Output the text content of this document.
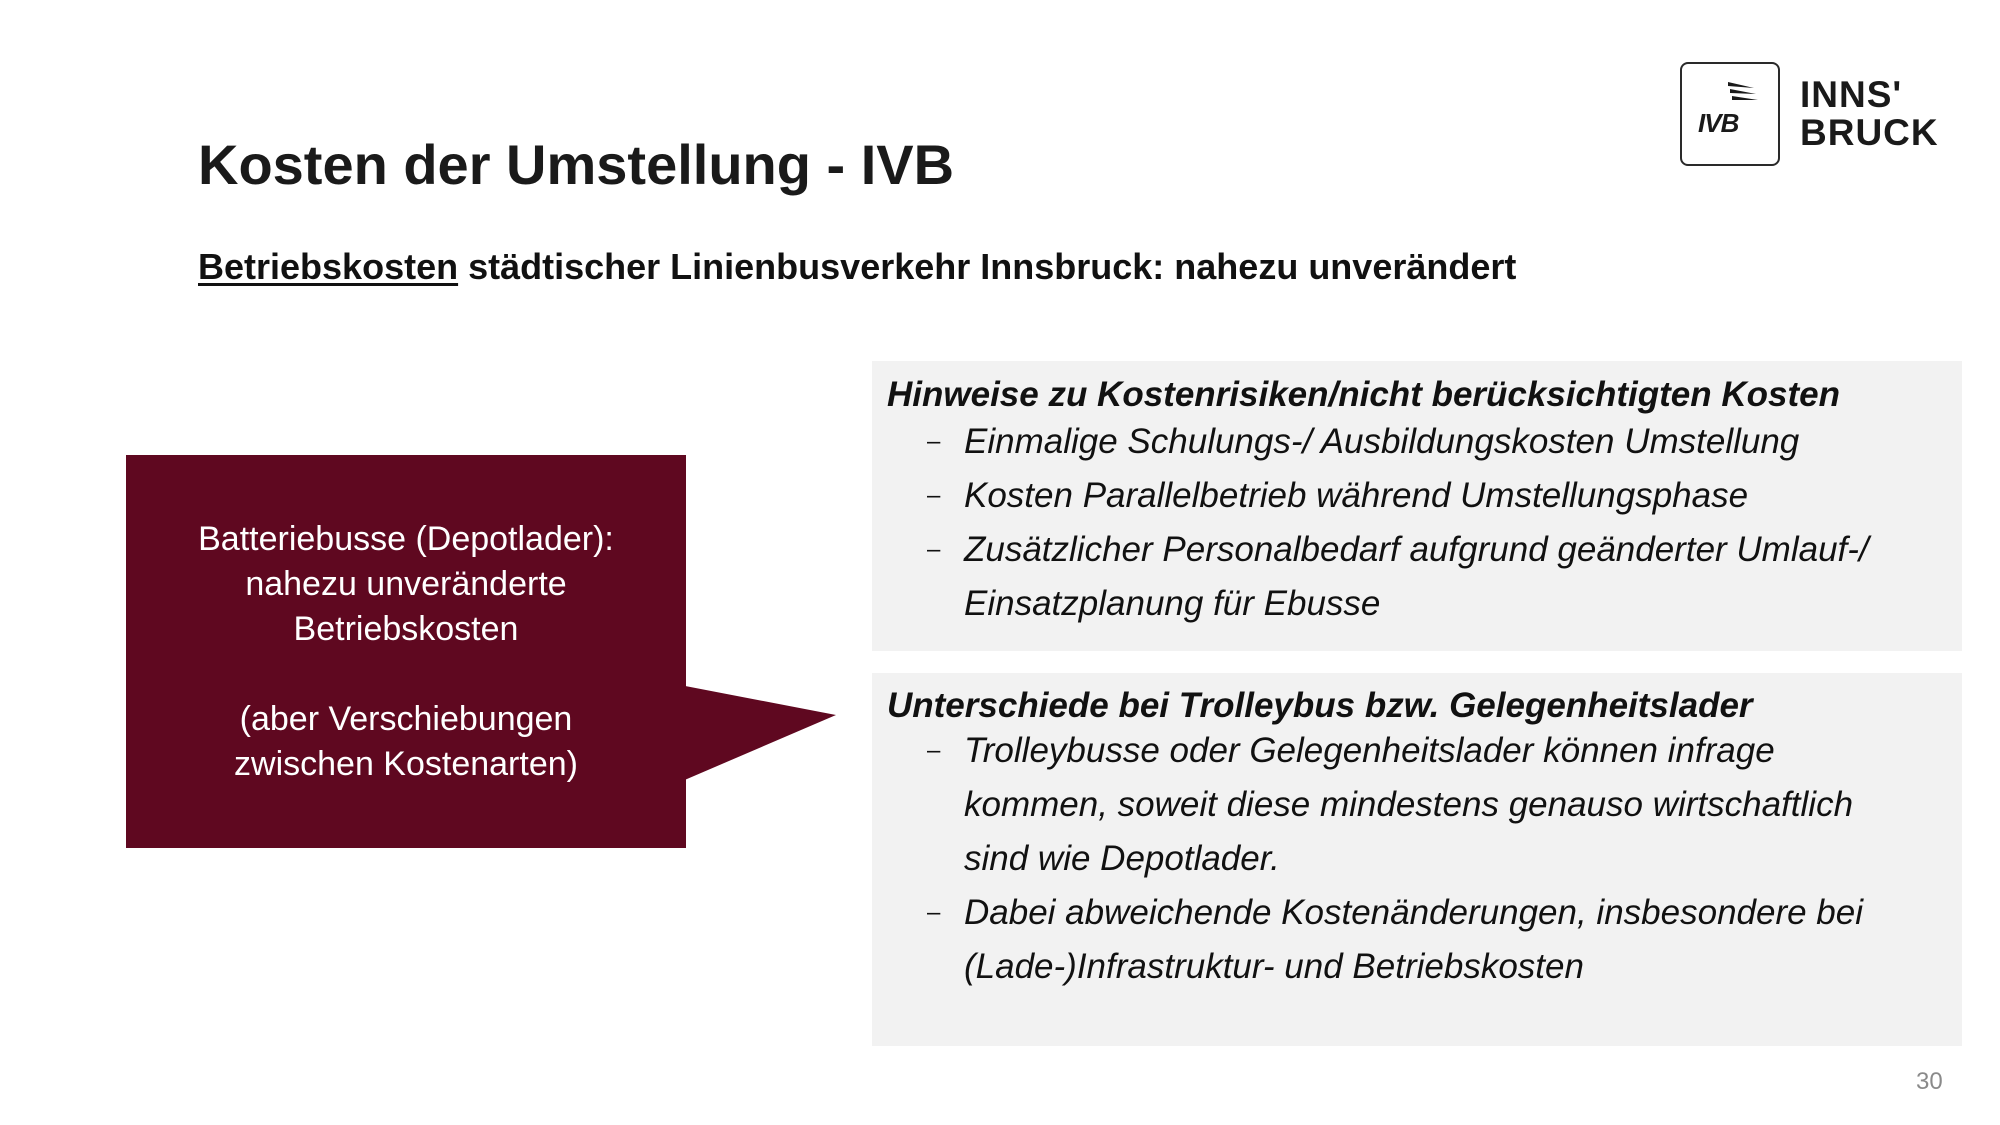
Kosten der Umstellung - IVB
Betriebskosten städtischer Linienbusverkehr Innsbruck: nahezu unverändert
IVB
INNS'
BRUCK
Batteriebusse (Depotlader):
nahezu unveränderte
Betriebskosten
(aber Verschiebungen
zwischen Kostenarten)
Hinweise zu Kostenrisiken/nicht berücksichtigten Kosten
– Einmalige Schulungs-/ Ausbildungskosten Umstellung
– Kosten Parallelbetrieb während Umstellungsphase
– Zusätzlicher Personalbedarf aufgrund geänderter Umlauf-/
Einsatzplanung für Ebusse
Unterschiede bei Trolleybus bzw. Gelegenheitslader
– Trolleybusse oder Gelegenheitslader können infrage
kommen, soweit diese mindestens genauso wirtschaftlich
sind wie Depotlader.
– Dabei abweichende Kostenänderungen, insbesondere bei
(Lade-)Infrastruktur- und Betriebskosten
30
